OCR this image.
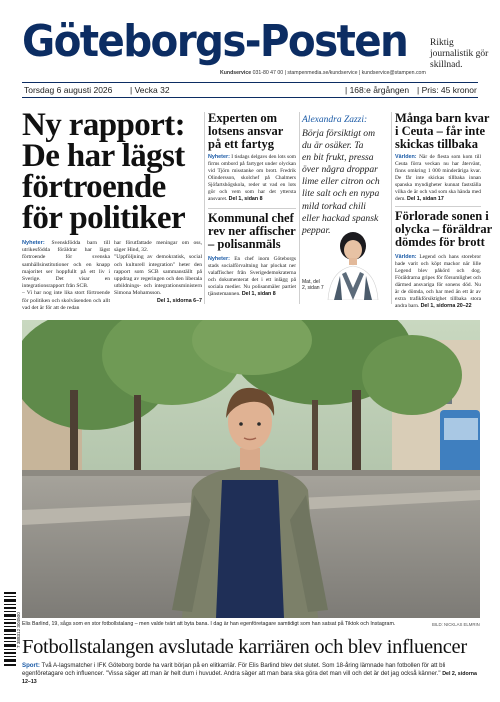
Göteborgs-Posten Riktig journalistik gör skillnad.
Kundservice 031-80 47 00 | stampenmedia.se/kundservice | kundservice@stampen.com
Torsdag 6 augusti 2026 | Vecka 32	| 168:e årgången | Pris: 45 kronor
Ny rapport:
De har lägst
förtroende
för politiker
Nyheter: Svenskfödda barn till utrikesfödda föräldrar har lägst förtroende för svenska samhällsinstitutioner och en knapp majoritet ser hoppfullt på ett liv i Sverige. Det visar en integrationsrapport från SCB.
– Vi har nog inte lika stort förtroende för politiken och skolväsenden och allt vad det är för att de redan
har förutfattade meningar om oss, säger Hind, 32.
"Uppföljning av demokratisk, social och kulturell integration" heter den rapport som SCB sammanställt på uppdrag av regeringen och den liberala utbildnings- och integrationsministern Simona Mohamsson.
Del 1, sidorna 6–7
Experten om lotsens ansvar på ett fartyg
Nyheter: I tisdags delgavs den lots som firms ombord på fartyget under olyckan vid Tjörn misstanke om brott. Fredrik Olindersson, skolchef på Chalmers Sjöfartshögskola, reder ut vad en lots gör och vem som har det yttersta ansvaret. Del 1, sidan 8
Kommunal chef rev ner affischer – polisanmäls
Nyheter: En chef inom Göteborgs stads socialförvaltning har plockat ner valaffischer från Sverigedemokraterna och dokumenterat det i ett inlägg på sociala medier. Nu polisanmäler partiet tjänstemannen. Del 1, sidan 8
Alexandra Zazzi:
Börja försiktigt om
du är osäker. Ta
en bit frukt, pressa
över några droppar
lime eller citron och
lite salt och en nypa
mild torkad chili
eller hackad spansk
peppar.
Mat, del 2, sidan 7
Många barn kvar
i Ceuta – får inte
skickas tillbaka
Världen: När de flesta som kom till Ceuta förra veckan nu har återvänt, finns omkring 1 000 minderåriga kvar. De får inte skickas tillbaka innan spanska myndigheter kunnat fastställa vilka de är och vad som ska hända med dem. Del 1, sidan 17
Förlorade sonen i
olycka – föräldrar
dömdes för brott
Världen: Legend och hans storebror hade varit och köpt mackor när lille Legend blev påkörd och dog. Föräldrarna gripes för försumlighet och därmed ansvariga för sonens död. Nu är de dömda, och har med än ett år av extra trafikförsiktighet tillbaka stora andra barn. Del 1, sidorna 20–22
7 388312 304500 Elis Barlind, 19, sågs som en stor fotbollstalang – men valde tvärt att byta bana. I dag är han egenföretagare samtidigt som han satsat på Tiktok och Instagram.	BILD: NICKLAS ELMRIN
Fotbollstalangen avslutade karriären och blev influencer
Sport: Två A-lagsmatcher i IFK Göteborg borde ha varit början på en elitkarriär. För Elis Barlind blev det slutet. Som 18-åring lämnade han fotbollen för att bli egenföretagare och influencer. "Vissa säger att man är helt dum i huvudet. Andra säger att man bara ska göra det man vill och det är det jag också känner." Del 2, sidorna 12–13
